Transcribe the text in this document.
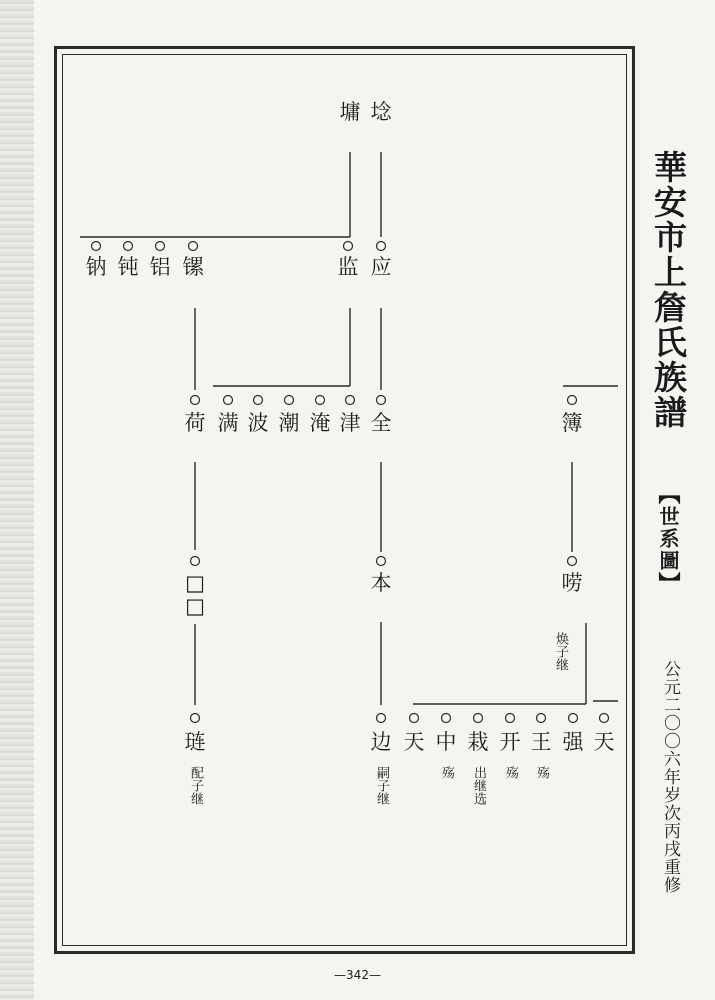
墉 埝
钠 钝 铝 镙	监 应
荷 满 波 潮 淹 津 全	簿
□□	本	唠
焕子继
琏	边 天 中 栽 开 王 强 天
配子继	嗣子继	殇 出继选 殇 殇
華安市上詹氏族譜
【世系圖】
公元二〇〇六年岁次丙戌重修
—342—
